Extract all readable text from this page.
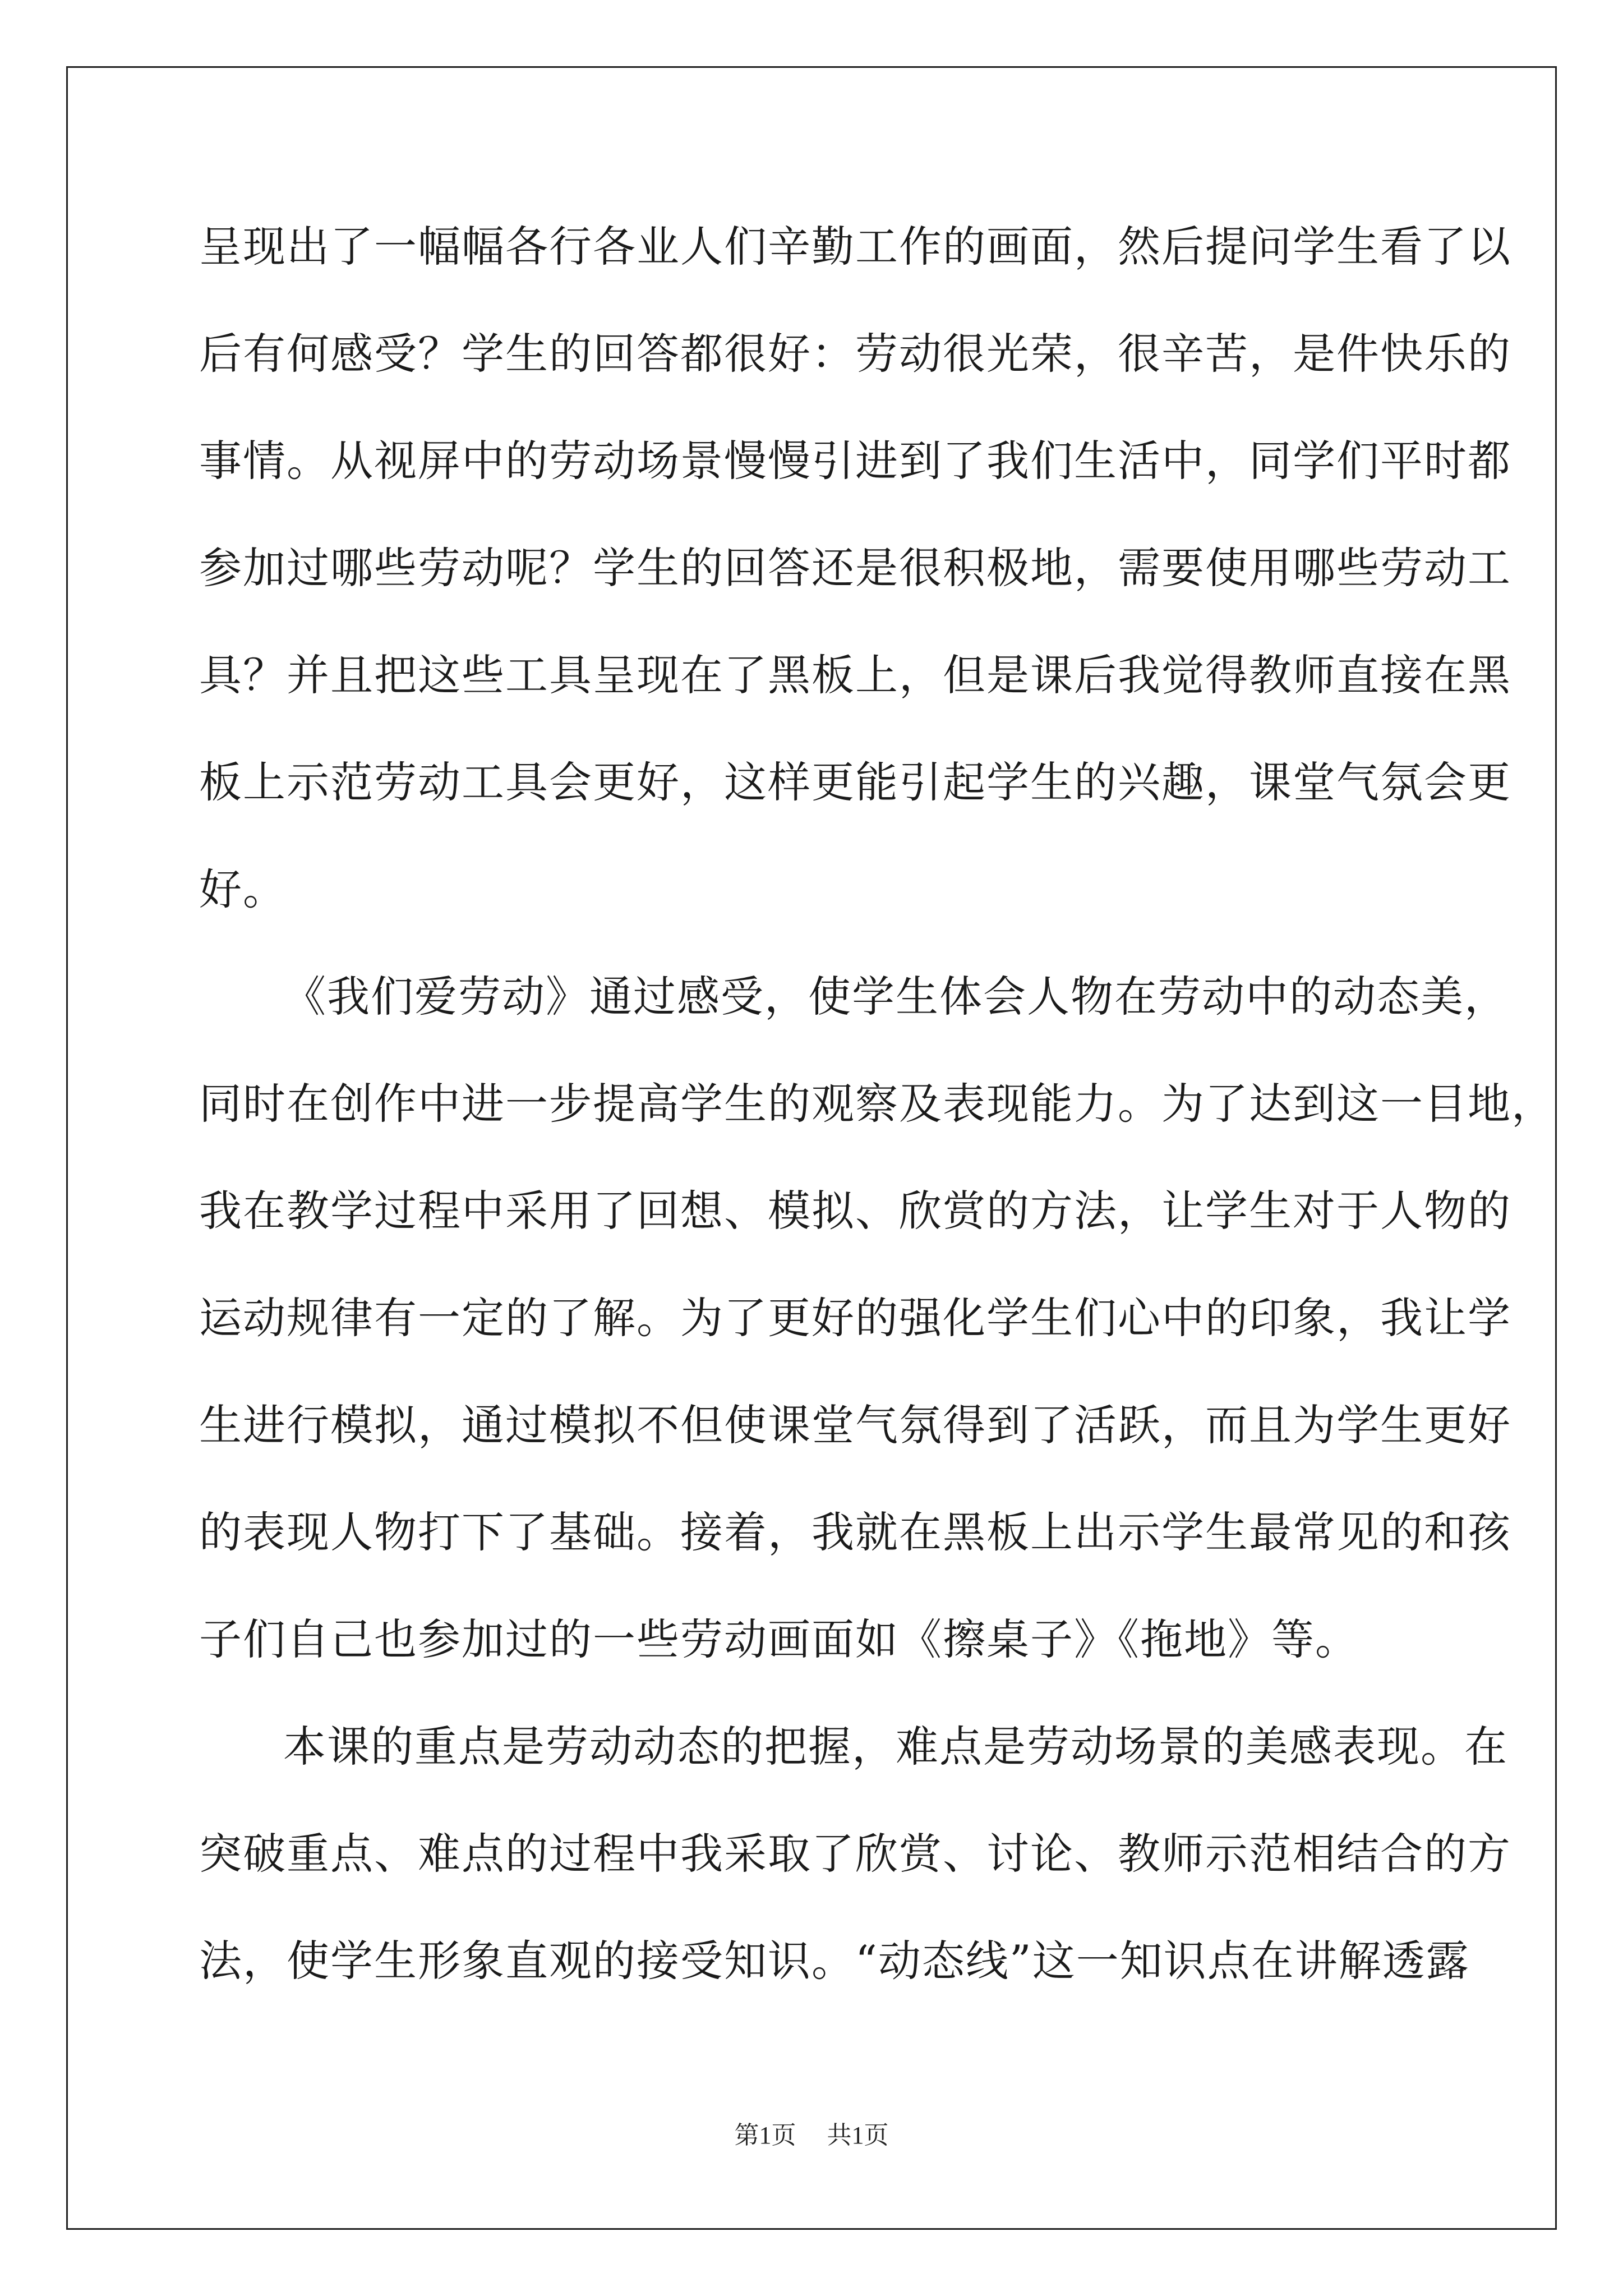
呈现出了一幅幅各行各业人们辛勤工作的画面，然后提问学生看了以
后有何感受？学生的回答都很好：劳动很光荣，很辛苦，是件快乐的
事情。从视屏中的劳动场景慢慢引进到了我们生活中，同学们平时都
参加过哪些劳动呢？学生的回答还是很积极地，需要使用哪些劳动工
具？并且把这些工具呈现在了黑板上，但是课后我觉得教师直接在黑
板上示范劳动工具会更好，这样更能引起学生的兴趣，课堂气氛会更
好。
《我们爱劳动》通过感受，使学生体会人物在劳动中的动态美，
同时在创作中进一步提高学生的观察及表现能力。为了达到这一目地，
我在教学过程中采用了回想、模拟、欣赏的方法，让学生对于人物的
运动规律有一定的了解。为了更好的强化学生们心中的印象，我让学
生进行模拟，通过模拟不但使课堂气氛得到了活跃，而且为学生更好
的表现人物打下了基础。接着，我就在黑板上出示学生最常见的和孩
子们自己也参加过的一些劳动画面如《擦桌子》《拖地》等。
本课的重点是劳动动态的把握，难点是劳动场景的美感表现。在
突破重点、难点的过程中我采取了欣赏、讨论、教师示范相结合的方
法，使学生形象直观的接受知识。“动态线”这一知识点在讲解透露
第1页 共1页
